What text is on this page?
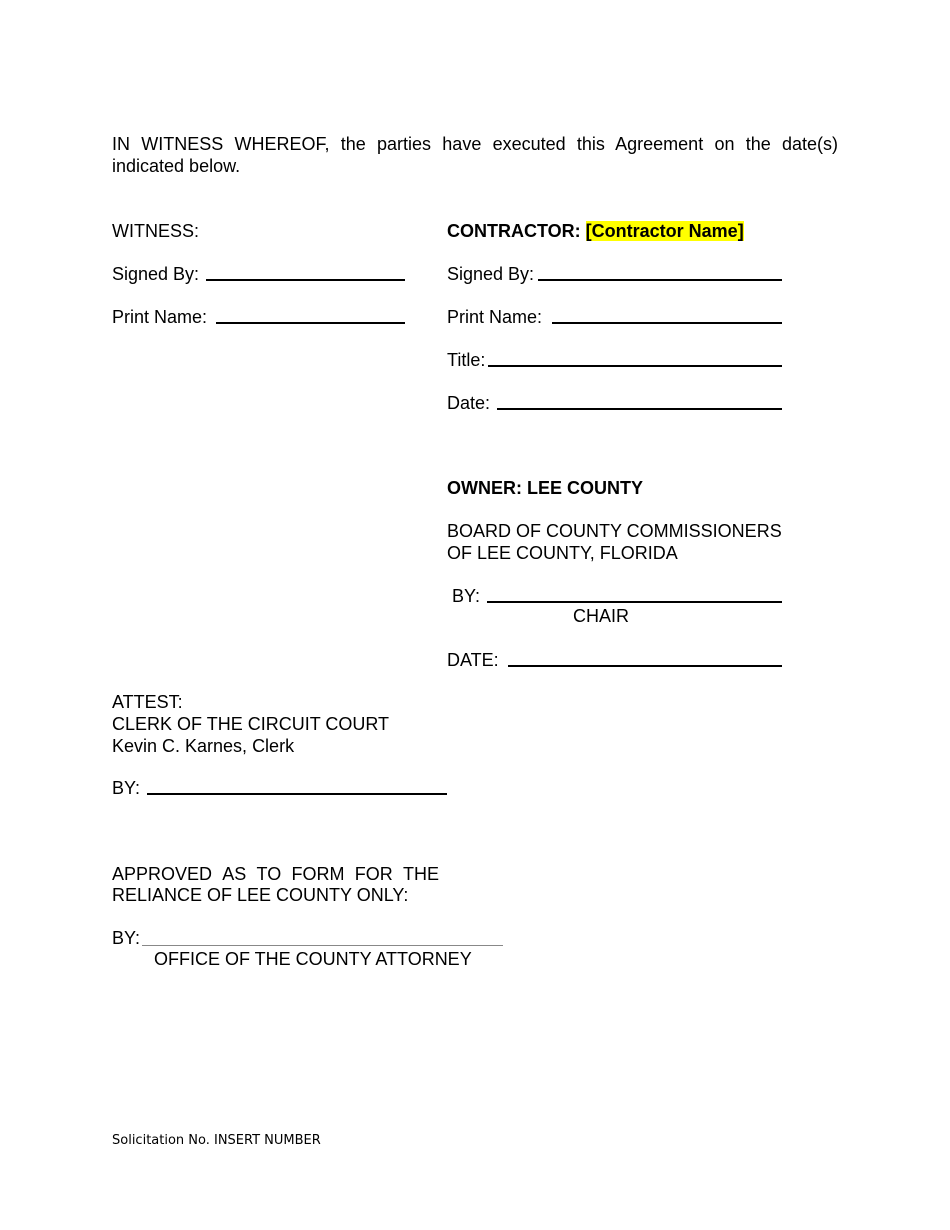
IN WITNESS WHEREOF, the parties have executed this Agreement on the date(s) indicated below.
WITNESS:
Signed By:
Print Name:
CONTRACTOR: [Contractor Name]
Signed By:
Print Name:
Title:
Date:
OWNER: LEE COUNTY
BOARD OF COUNTY COMMISSIONERS
OF LEE COUNTY, FLORIDA
BY:
CHAIR
DATE:
ATTEST:
CLERK OF THE CIRCUIT COURT
Kevin C. Karnes, Clerk
BY:
APPROVED AS TO FORM FOR THE
RELIANCE OF LEE COUNTY ONLY:
BY:
OFFICE OF THE COUNTY ATTORNEY
Solicitation No. INSERT NUMBER
